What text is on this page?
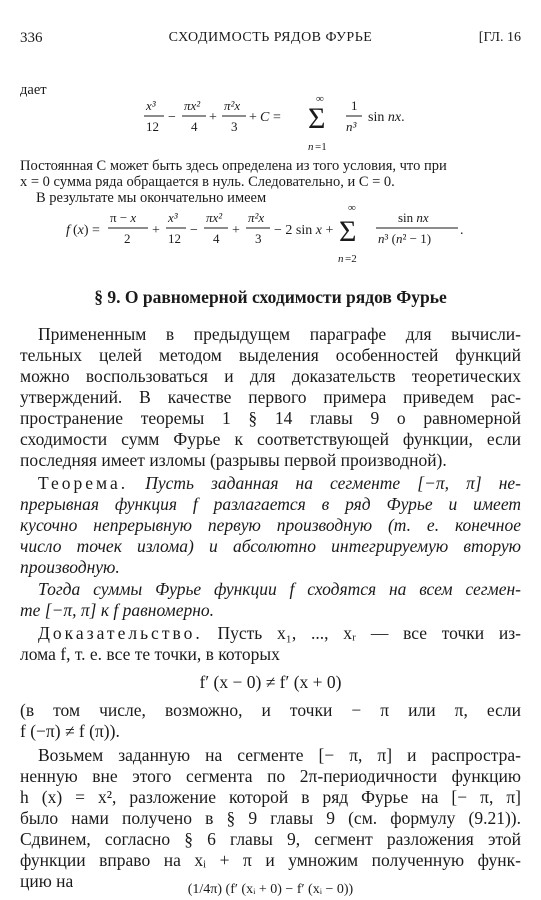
336	СХОДИМОСТЬ РЯДОВ ФУРЬЕ	[ГЛ. 16
дает
x³
12
−
πx²
4
+
π²x
3
+ C =
∞
Σ
n =1
1
n³
sin nx.
Постоянная C может быть здесь определена из того условия, что при
x = 0 сумма ряда обращается в нуль. Следовательно, и C = 0.
В результате мы окончательно имеем
f (x) =
π − x
2
+
x³
12
−
πx²
4
+
π²x
3
− 2 sin x +
∞
Σ
n =2
sin nx
n³ (n² − 1)
.
§ 9. О равномерной сходимости рядов Фурье
Примененным в предыдущем параграфе для вычисли-
тельных целей методом выделения особенностей функций
можно воспользоваться и для доказательств теоретических
утверждений. В качестве первого примера приведем рас-
пространение теоремы 1 § 14 главы 9 о равномерной
сходимости сумм Фурье к соответствующей функции, если
последняя имеет изломы (разрывы первой производной).
Теорема. Пусть заданная на сегменте [−π, π] не-
прерывная функция f разлагается в ряд Фурье и имеет
кусочно непрерывную первую производную (т. е. конечное
число точек излома) и абсолютно интегрируемую вторую
производную.
Тогда суммы Фурье функции f сходятся на всем сегмен-
те [−π, π] к f равномерно.
Доказательство. Пусть x₁, ..., xᵣ — все точки из-
лома f, т. е. все те точки, в которых
f′ (x − 0) ≠ f′ (x + 0)
(в том числе, возможно, и точки − π или π, если
f (−π) ≠ f (π)).
Возьмем заданную на сегменте [− π, π] и распростра-
ненную вне этого сегмента по 2π-периодичности функцию
h (x) = x², разложение которой в ряд Фурье на [− π, π]
было нами получено в § 9 главы 9 (см. формулу (9.21)).
Сдвинем, согласно § 6 главы 9, сегмент разложения этой
функции вправо на xᵢ + π и умножим полученную функ-
цию на	(1/4π) (f′ (xᵢ + 0) − f′ (xᵢ − 0))
